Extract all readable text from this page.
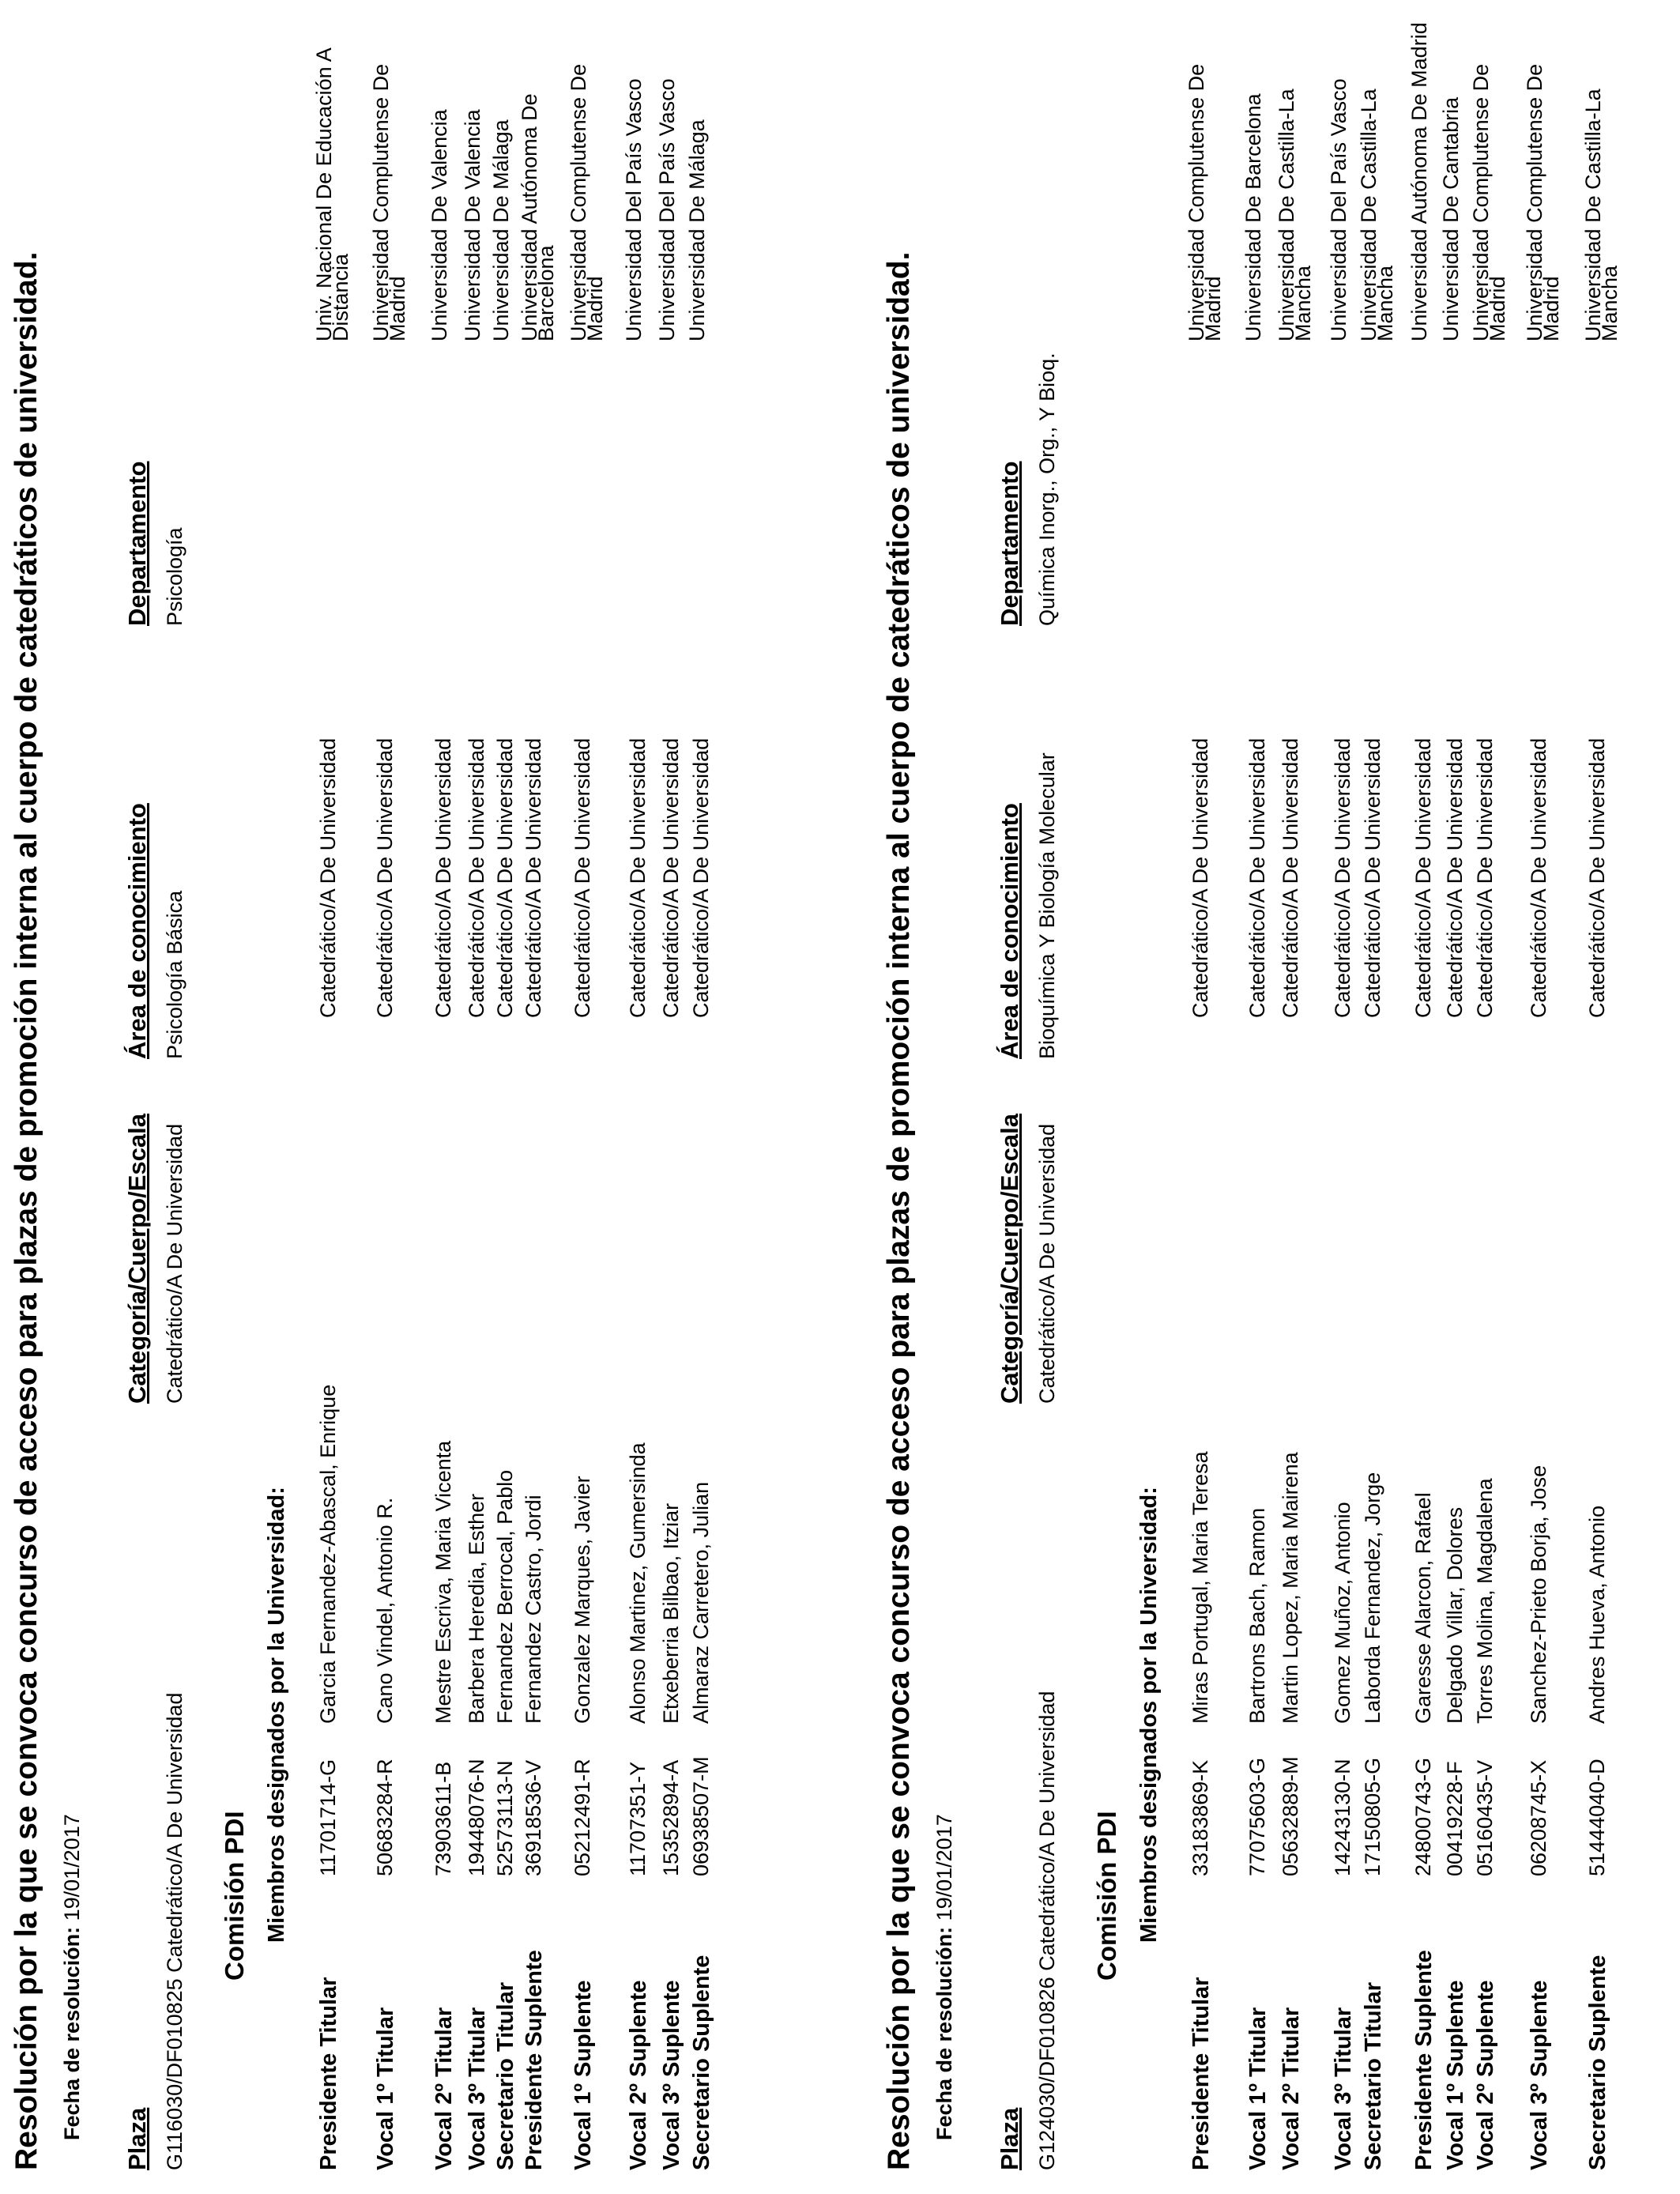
Resolución por la que se convoca concurso de acceso para plazas de promoción interna al cuerpo de catedráticos de universidad. Fecha de resolución: 19/01/2017
Plaza
Categoría/Cuerpo/Escala
Área de conocimiento
Departamento
G116030/DF010825 Catedrático/A De Universidad
Catedrático/A De Universidad
Psicología Básica
Psicología
Comisión PDI Miembros designados por la Universidad:
Presidente Titular
11701714-G
Garcia Fernandez-Abascal, Enrique
Catedrático/A De Universidad
Univ. Nacional De Educación A Distancia
Vocal 1º Titular
50683284-R
Cano Vindel, Antonio R.
Catedrático/A De Universidad
Universidad Complutense De Madrid
Vocal 2º Titular
73903611-B
Mestre Escriva, Maria Vicenta
Catedrático/A De Universidad
Universidad De Valencia
Vocal 3º Titular
19448076-N
Barbera Heredia, Esther
Catedrático/A De Universidad
Universidad De Valencia
Secretario Titular
52573113-N
Fernandez Berrocal, Pablo
Catedrático/A De Universidad
Universidad De Málaga
Presidente Suplente
36918536-V
Fernandez Castro, Jordi
Catedrático/A De Universidad
Universidad Autónoma De Barcelona
Vocal 1º Suplente
05212491-R
Gonzalez Marques, Javier
Catedrático/A De Universidad
Universidad Complutense De Madrid
Vocal 2º Suplente
11707351-Y
Alonso Martinez, Gumersinda
Catedrático/A De Universidad
Universidad Del País Vasco
Vocal 3º Suplente
15352894-A
Etxeberria Bilbao, Itziar
Catedrático/A De Universidad
Universidad Del País Vasco
Secretario Suplente
06938507-M
Almaraz Carretero, Julian
Catedrático/A De Universidad
Universidad De Málaga
Resolución por la que se convoca concurso de acceso para plazas de promoción interna al cuerpo de catedráticos de universidad. Fecha de resolución: 19/01/2017
Plaza
Categoría/Cuerpo/Escala
Área de conocimiento
Departamento
G124030/DF010826 Catedrático/A De Universidad
Catedrático/A De Universidad
Bioquímica Y Biología Molecular
Química Inorg., Org., Y Bioq.
Comisión PDI Miembros designados por la Universidad:
Presidente Titular
33183869-K
Miras Portugal, Maria Teresa
Catedrático/A De Universidad
Universidad Complutense De Madrid
Vocal 1º Titular
77075603-G
Bartrons Bach, Ramon
Catedrático/A De Universidad
Universidad De Barcelona
Vocal 2º Titular
05632889-M
Martin Lopez, Maria Mairena
Catedrático/A De Universidad
Universidad De Castilla-La Mancha
Vocal 3º Titular
14243130-N
Gomez Muñoz, Antonio
Catedrático/A De Universidad
Universidad Del País Vasco
Secretario Titular
17150805-G
Laborda Fernandez, Jorge
Catedrático/A De Universidad
Universidad De Castilla-La Mancha
Presidente Suplente
24800743-G
Garesse Alarcon, Rafael
Catedrático/A De Universidad
Universidad Autónoma De Madrid
Vocal 1º Suplente
00419228-F
Delgado Villar, Dolores
Catedrático/A De Universidad
Universidad De Cantabria
Vocal 2º Suplente
05160435-V
Torres Molina, Magdalena
Catedrático/A De Universidad
Universidad Complutense De Madrid
Vocal 3º Suplente
06208745-X
Sanchez-Prieto Borja, Jose
Catedrático/A De Universidad
Universidad Complutense De Madrid
Secretario Suplente
51444040-D
Andres Hueva, Antonio
Catedrático/A De Universidad
Universidad De Castilla-La Mancha
